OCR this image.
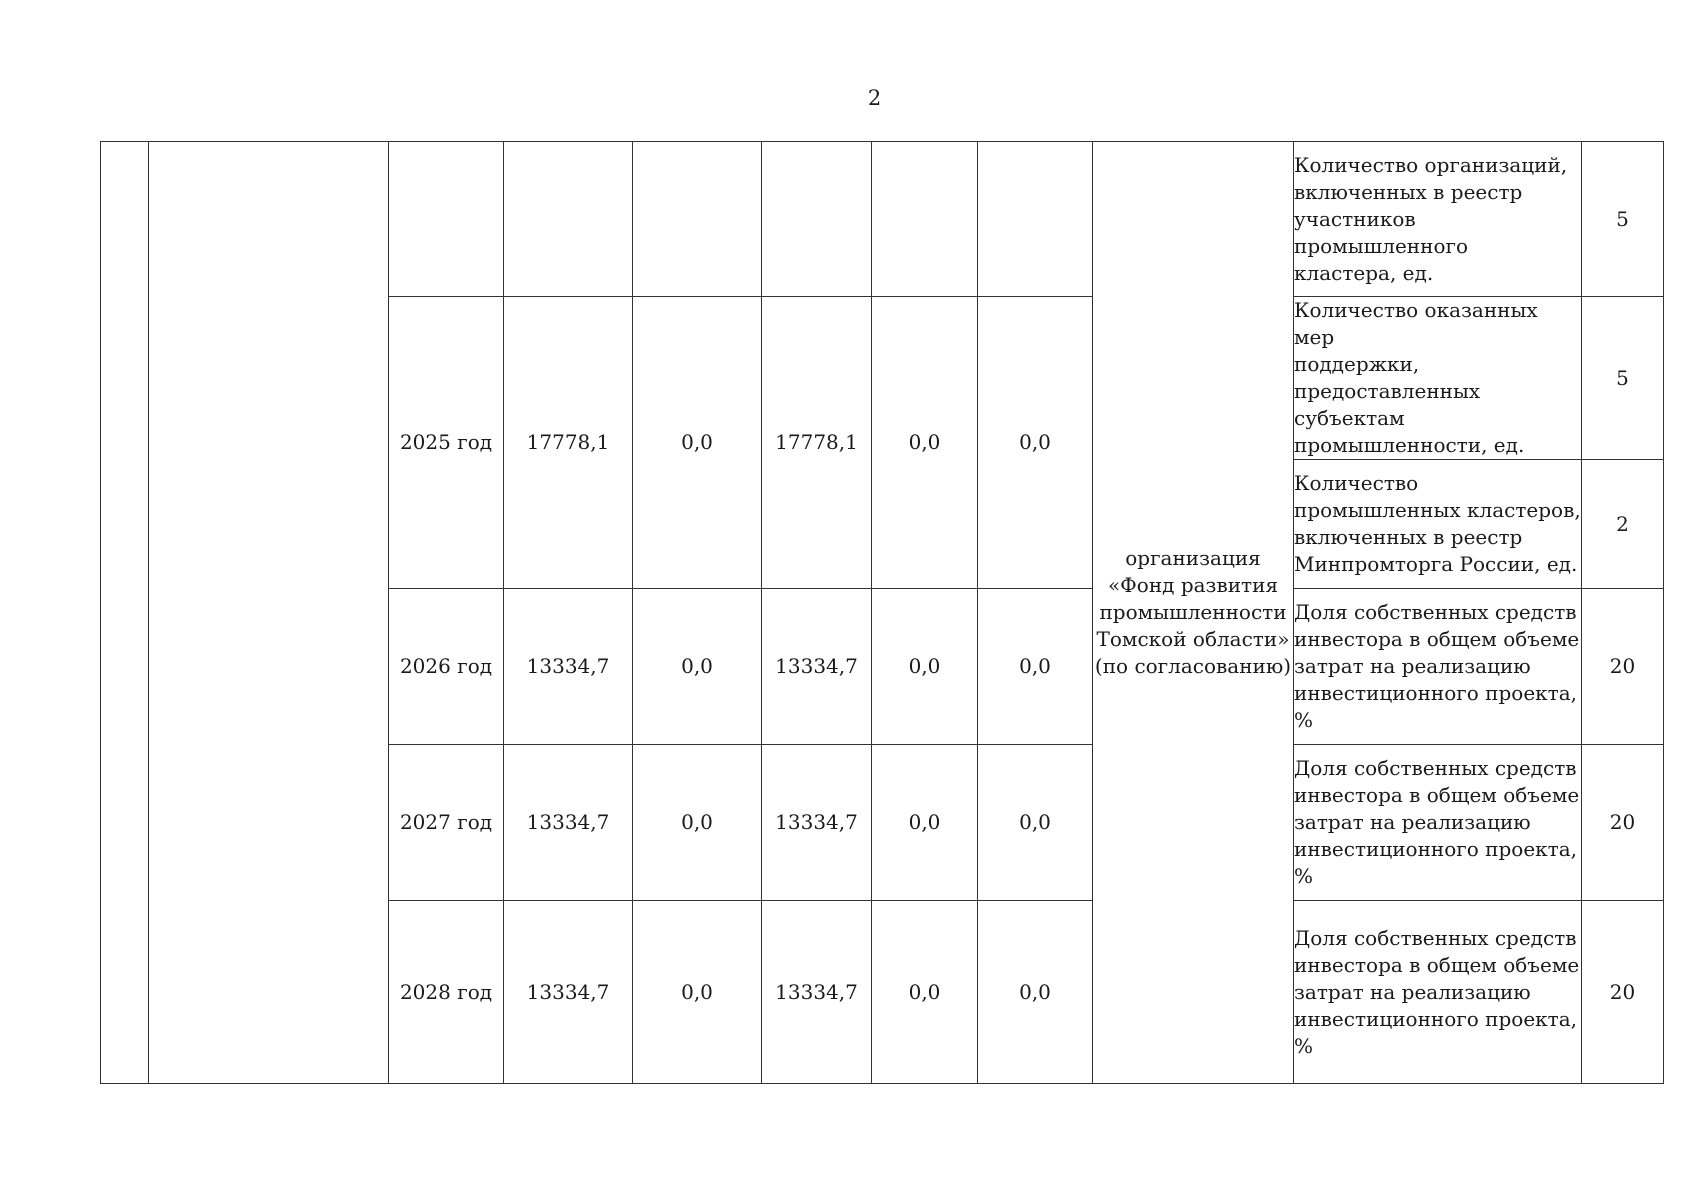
2
								организация «Фонд развития промышленности Томской области» (по согласованию)	Количество организаций,
включенных в реестр
участников
промышленного
кластера, ед.	5
		2025 год	17778,1	0,0	17778,1	0,0	0,0		Количество оказанных мер
поддержки,
предоставленных
субъектам
промышленности, ед.	5
									Количество
промышленных кластеров,
включенных в реестр
Минпромторга России, ед.	2
		2026 год	13334,7	0,0	13334,7	0,0	0,0		Доля собственных средств
инвестора в общем объеме
затрат на реализацию
инвестиционного проекта,
%	20
		2027 год	13334,7	0,0	13334,7	0,0	0,0		Доля собственных средств
инвестора в общем объеме
затрат на реализацию
инвестиционного проекта,
%	20
		2028 год	13334,7	0,0	13334,7	0,0	0,0		Доля собственных средств
инвестора в общем объеме
затрат на реализацию
инвестиционного проекта,
%	20
